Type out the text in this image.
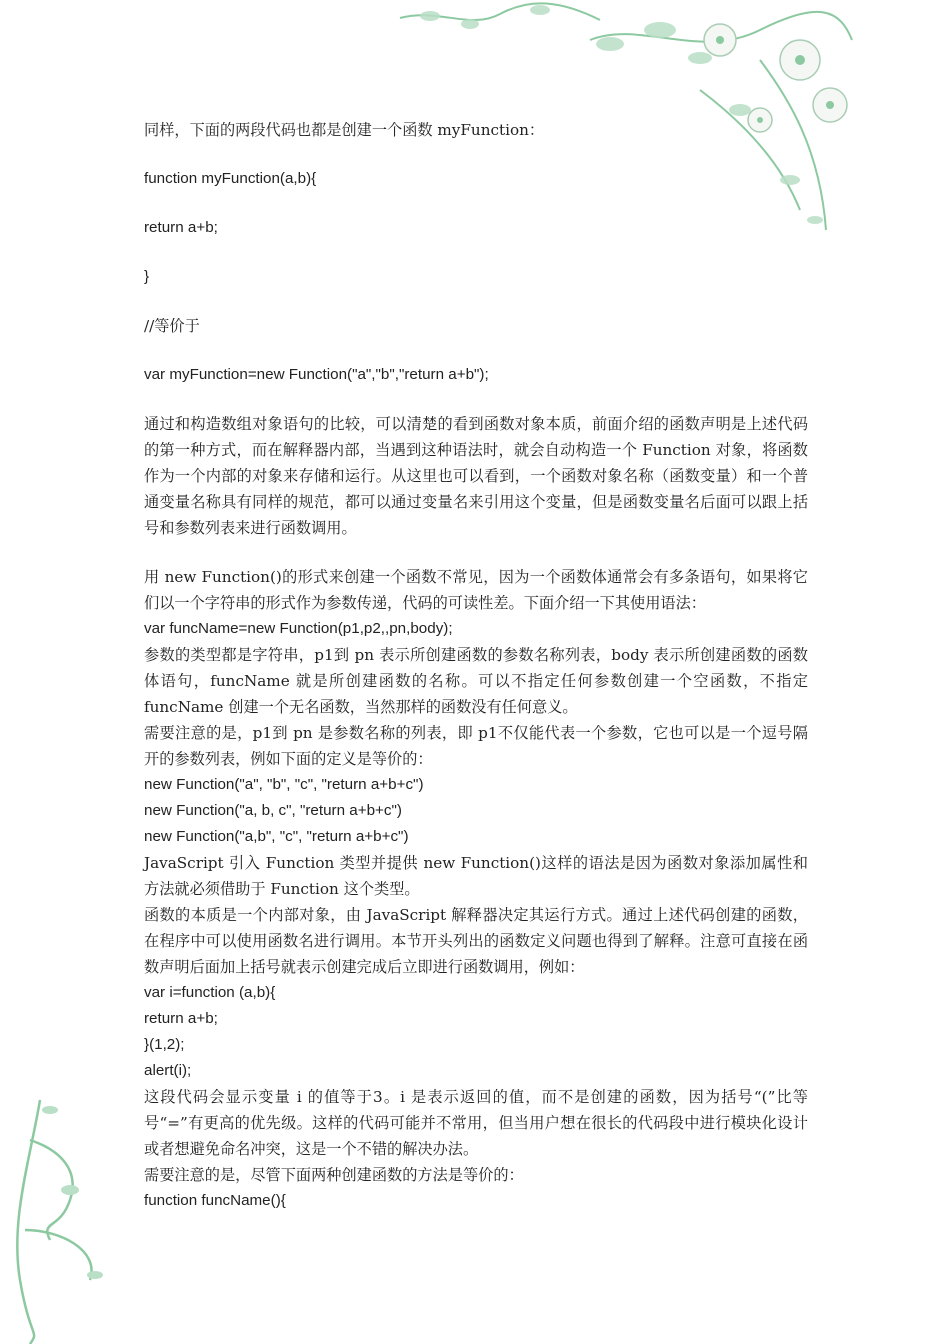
同样，下面的两段代码也都是创建一个函数 myFunction：

function myFunction(a,b){

return a+b;

}

//等价于

var myFunction=new Function("a","b","return a+b");

通过和构造数组对象语句的比较，可以清楚的看到函数对象本质，前面介绍的函数声明是上述代码的第一种方式，而在解释器内部，当遇到这种语法时，就会自动构造一个 Function 对象，将函数作为一个内部的对象来存储和运行。从这里也可以看到，一个函数对象名称（函数变量）和一个普通变量名称具有同样的规范，都可以通过变量名来引用这个变量，但是函数变量名后面可以跟上括号和参数列表来进行函数调用。

用 new Function()的形式来创建一个函数不常见，因为一个函数体通常会有多条语句，如果将它们以一个字符串的形式作为参数传递，代码的可读性差。下面介绍一下其使用语法：

var funcName=new Function(p1,p2,,pn,body);

参数的类型都是字符串，p1到 pn 表示所创建函数的参数名称列表，body 表示所创建函数的函数体语句，funcName 就是所创建函数的名称。可以不指定任何参数创建一个空函数，不指定 funcName 创建一个无名函数，当然那样的函数没有任何意义。

需要注意的是，p1到 pn 是参数名称的列表，即 p1不仅能代表一个参数，它也可以是一个逗号隔开的参数列表，例如下面的定义是等价的：

new Function("a", "b", "c", "return a+b+c")

new Function("a, b, c", "return a+b+c")

new Function("a,b", "c", "return a+b+c")

JavaScript 引入 Function 类型并提供 new Function()这样的语法是因为函数对象添加属性和方法就必须借助于 Function 这个类型。

函数的本质是一个内部对象，由 JavaScript 解释器决定其运行方式。通过上述代码创建的函数，在程序中可以使用函数名进行调用。本节开头列出的函数定义问题也得到了解释。注意可直接在函数声明后面加上括号就表示创建完成后立即进行函数调用，例如：

var i=function (a,b){

return a+b;

}(1,2);

alert(i);

这段代码会显示变量 i 的值等于3。i 是表示返回的值，而不是创建的函数，因为括号“(”比等号“=”有更高的优先级。这样的代码可能并不常用，但当用户想在很长的代码段中进行模块化设计或者想避免命名冲突，这是一个不错的解决办法。

需要注意的是，尽管下面两种创建函数的方法是等价的：

function funcName(){
